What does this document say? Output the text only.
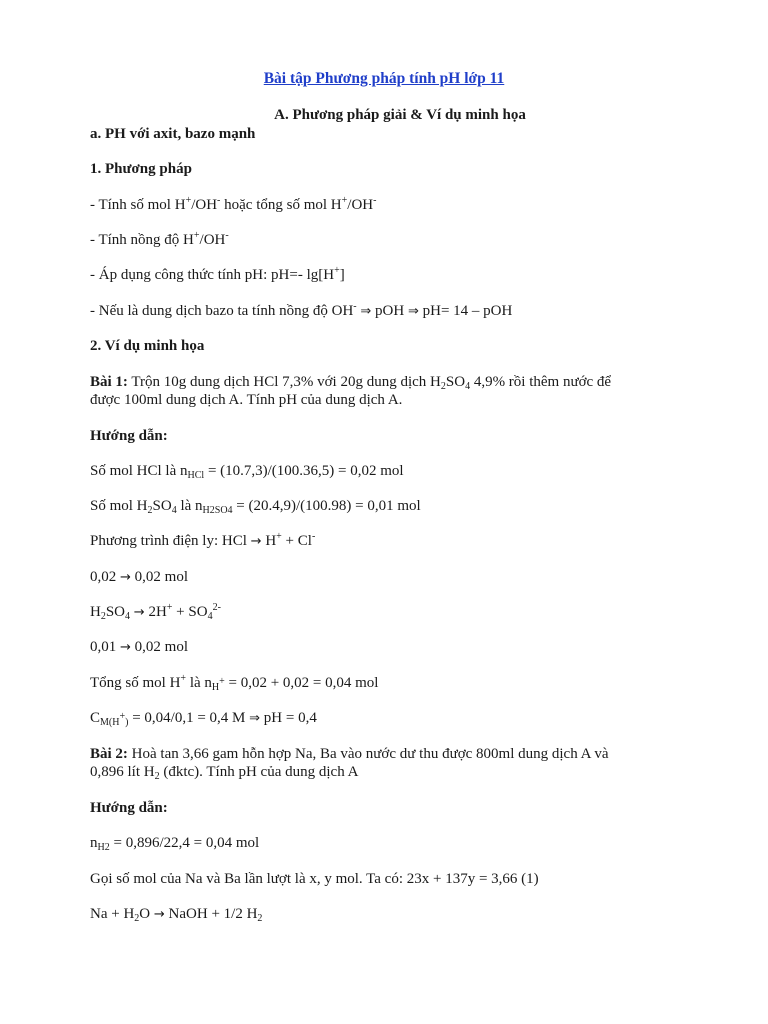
Bài tập Phương pháp tính pH lớp 11
A. Phương pháp giải & Ví dụ minh họa
a. PH với axit, bazo mạnh
1. Phương pháp
- Tính số mol H+/OH- hoặc tổng số mol H+/OH-
- Tính nồng độ H+/OH-
- Áp dụng công thức tính pH: pH=- lg[H+]
- Nếu là dung dịch bazo ta tính nồng độ OH- ⇒ pOH ⇒ pH= 14 – pOH
2. Ví dụ minh họa
Bài 1: Trộn 10g dung dịch HCl 7,3% với 20g dung dịch $H_2SO_4$ 4,9% rồi thêm nước để
được 100ml dung dịch A. Tính pH của dung dịch A.
Hướng dẫn:
Số mol HCl là $n_{HCl} = (10.7,3)/(100.36,5) = 0,02$ mol
Số mol $H_2SO_4$ là $n_{H2SO4} = (20.4,9)/(100.98) = 0,01$ mol
Phương trình điện ly: HCl → H+ + Cl-
0,02 → 0,02 mol
$H_2SO_4 \to 2H^+ + SO_4^{2-}$
0,01 → 0,02 mol
Tổng số mol H+ là $n_{H^+} = 0,02 + 0,02 = 0,04$ mol
$C_{M(H^+)} = 0,04/0,1 = 0,4$ M ⇒ pH = 0,4
Bài 2: Hoà tan 3,66 gam hỗn hợp Na, Ba vào nước dư thu được 800ml dung dịch A và
0,896 lít $H_2$ (đktc). Tính pH của dung dịch A
Hướng dẫn:
$n_{H2} = 0,896/22,4 = 0,04$ mol
Gọi số mol của Na và Ba lần lượt là x, y mol. Ta có: 23x + 137y = 3,66 (1)
$Na + H_2O$ → NaOH + 1/2 $H_2$
